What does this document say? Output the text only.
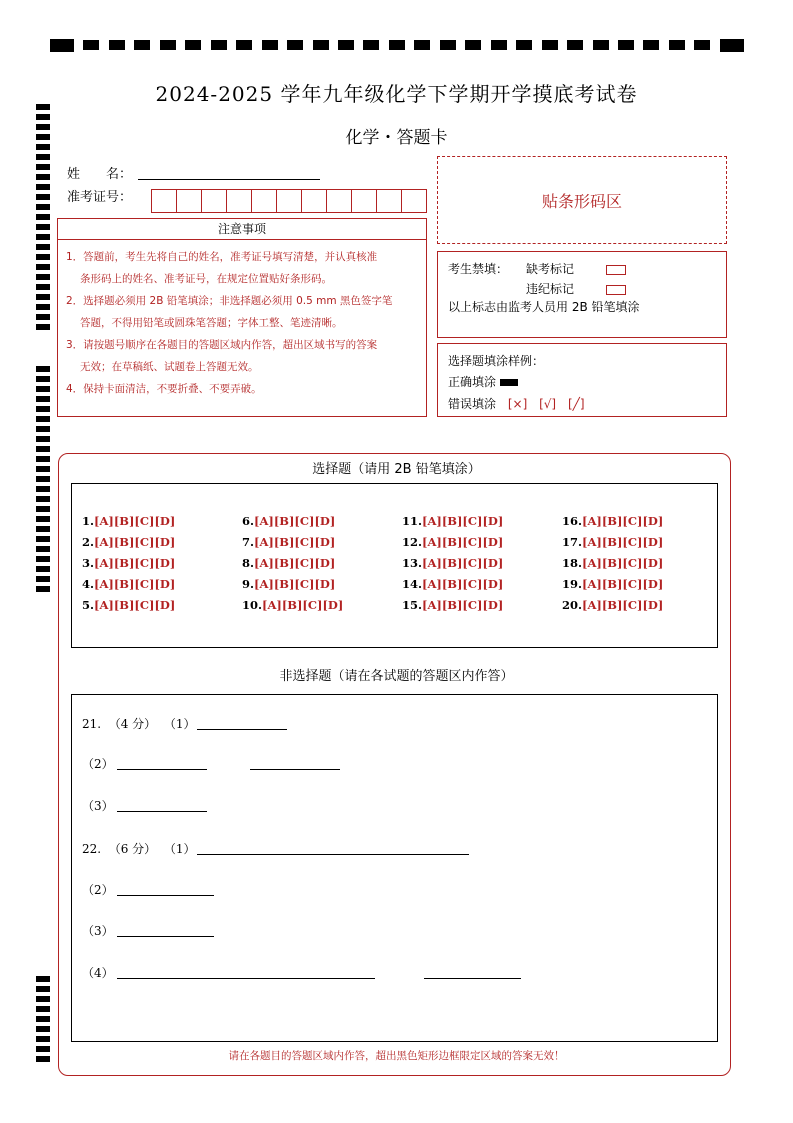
2024-2025 学年九年级化学下学期开学摸底考试卷
化学・答题卡
姓　　名：
准考证号：	贴条形码区
注意事项
1．答题前，考生先将自己的姓名，准考证号填写清楚，并认真核准
条形码上的姓名、准考证号，在规定位置贴好条形码。
2．选择题必须用 2B 铅笔填涂；非选择题必须用 0.5 mm 黑色签字笔
答题，不得用铅笔或圆珠笔答题；字体工整、笔迹清晰。
3．请按题号顺序在各题目的答题区域内作答，超出区域书写的答案
无效；在草稿纸、试题卷上答题无效。
4．保持卡面清洁，不要折叠、不要弄破。
考生禁填： 缺考标记
违纪标记
以上标志由监考人员用 2B 铅笔填涂
选择题填涂样例：
正确填涂
错误填涂 [×] [√] [╱]
选择题（请用 2B 铅笔填涂）
1.[A][B][C][D]
2.[A][B][C][D]
3.[A][B][C][D]
4.[A][B][C][D]
5.[A][B][C][D]
6.[A][B][C][D]
7.[A][B][C][D]
8.[A][B][C][D]
9.[A][B][C][D]
10.[A][B][C][D]
11.[A][B][C][D]
12.[A][B][C][D]
13.[A][B][C][D]
14.[A][B][C][D]
15.[A][B][C][D]
16.[A][B][C][D]
17.[A][B][C][D]
18.[A][B][C][D]
19.[A][B][C][D]
20.[A][B][C][D]
非选择题（请在各试题的答题区内作答）
21. （4 分） （1）
（2）
（3）
22. （6 分） （1）
（2）
（3）
（4）
请在各题目的答题区域内作答，超出黑色矩形边框限定区域的答案无效！
